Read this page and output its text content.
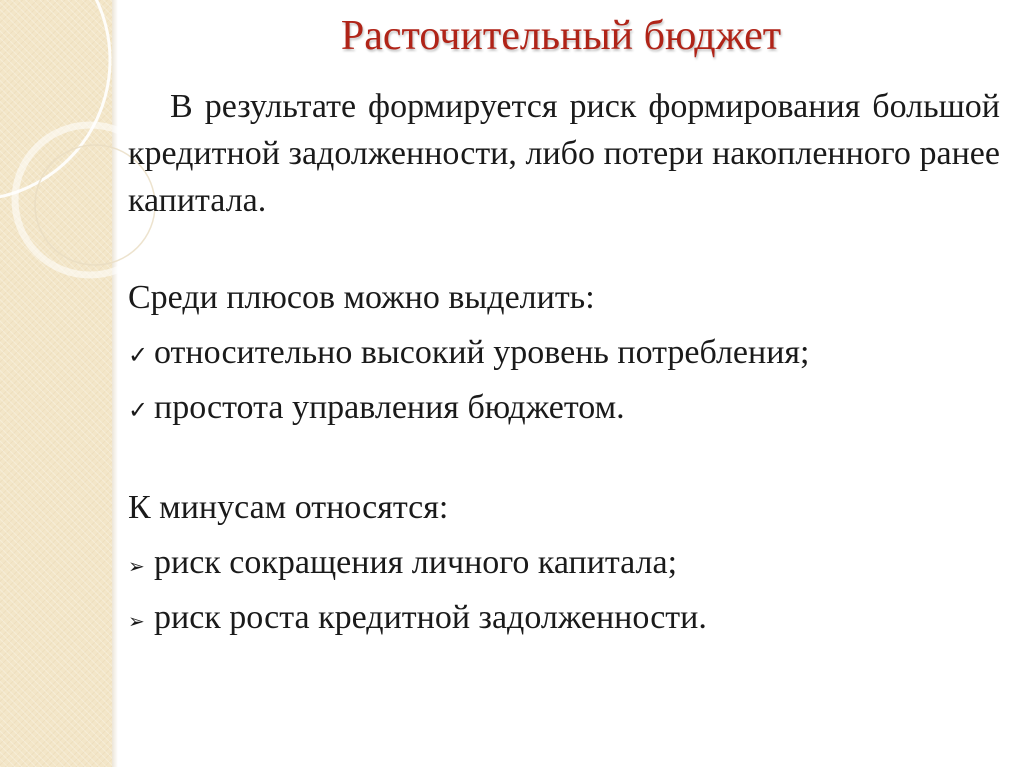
Расточительный бюджет

В результате формируется риск формирования большой кредитной задолженности, либо потери накопленного ранее капитала.

Среди плюсов можно выделить:

✓ относительно высокий уровень потребления;
✓ простота управления бюджетом.

К минусам относятся:

➢ риск сокращения личного капитала;
➢ риск роста кредитной задолженности.
